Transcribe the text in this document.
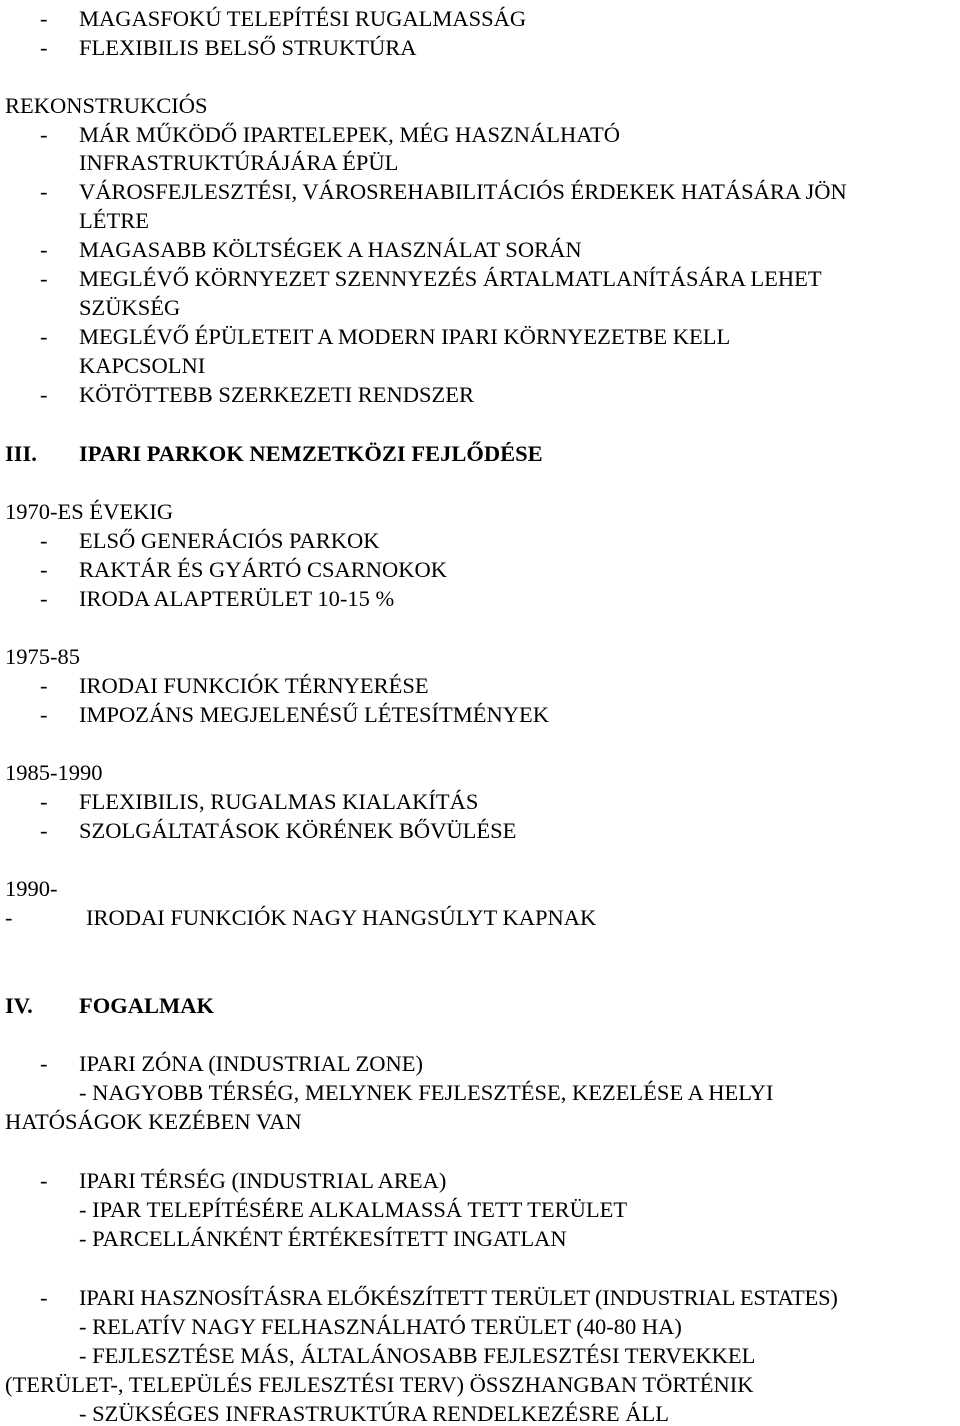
- MAGASFOKÚ TELEPÍTÉSI RUGALMASSÁG
- FLEXIBILIS BELSŐ STRUKTÚRA
REKONSTRUKCIÓS
- MÁR MŰKÖDŐ IPARTELEPEK, MÉG HASZNÁLHATÓ
INFRASTRUKTÚRÁJÁRA ÉPÜL
- VÁROSFEJLESZTÉSI, VÁROSREHABILITÁCIÓS ÉRDEKEK HATÁSÁRA JÖN
LÉTRE
- MAGASABB KÖLTSÉGEK A HASZNÁLAT SORÁN
- MEGLÉVŐ KÖRNYEZET SZENNYEZÉS ÁRTALMATLANÍTÁSÁRA LEHET
SZÜKSÉG
- MEGLÉVŐ ÉPÜLETEIT A MODERN IPARI KÖRNYEZETBE KELL
KAPCSOLNI
- KÖTÖTTEBB SZERKEZETI RENDSZER
III. IPARI PARKOK NEMZETKÖZI FEJLŐDÉSE
1970-ES ÉVEKIG
- ELSŐ GENERÁCIÓS PARKOK
- RAKTÁR ÉS GYÁRTÓ CSARNOKOK
- IRODA ALAPTERÜLET 10-15 %
1975-85
- IRODAI FUNKCIÓK TÉRNYERÉSE
- IMPOZÁNS MEGJELENÉSŰ LÉTESÍTMÉNYEK
1985-1990
- FLEXIBILIS, RUGALMAS KIALAKÍTÁS
- SZOLGÁLTATÁSOK KÖRÉNEK BŐVÜLÉSE
1990-
-	IRODAI FUNKCIÓK NAGY HANGSÚLYT KAPNAK
IV. FOGALMAK
- IPARI ZÓNA (INDUSTRIAL ZONE)
- NAGYOBB TÉRSÉG, MELYNEK FEJLESZTÉSE, KEZELÉSE A HELYI
HATÓSÁGOK KEZÉBEN VAN
- IPARI TÉRSÉG (INDUSTRIAL AREA)
- IPAR TELEPÍTÉSÉRE ALKALMASSÁ TETT TERÜLET
- PARCELLÁNKÉNT ÉRTÉKESÍTETT INGATLAN
- IPARI HASZNOSÍTÁSRA ELŐKÉSZÍTETT TERÜLET (INDUSTRIAL ESTATES)
- RELATÍV NAGY FELHASZNÁLHATÓ TERÜLET (40-80 HA)
- FEJLESZTÉSE MÁS, ÁLTALÁNOSABB FEJLESZTÉSI TERVEKKEL
(TERÜLET-, TELEPÜLÉS FEJLESZTÉSI TERV) ÖSSZHANGBAN TÖRTÉNIK
- SZÜKSÉGES INFRASTRUKTÚRA RENDELKEZÉSRE ÁLL
